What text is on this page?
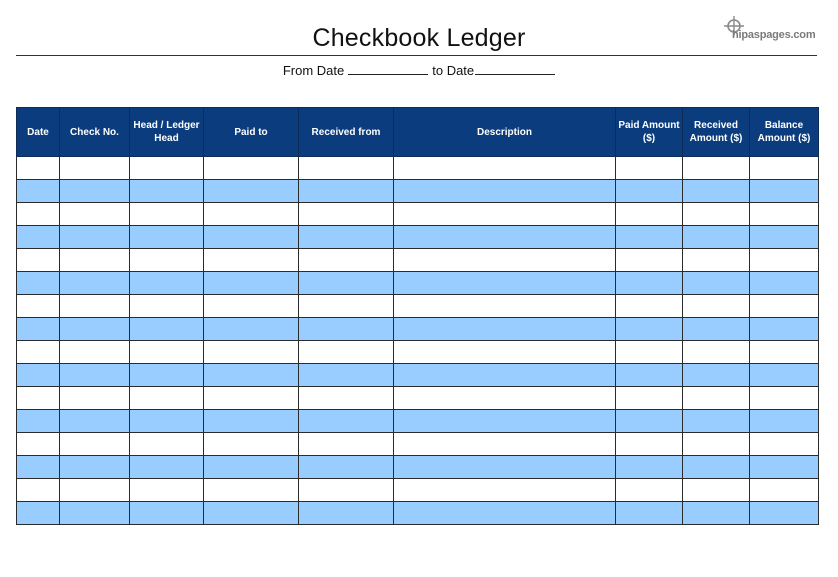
Checkbook Ledger	hipaspages.com
From Date	to Date
Date	Check No.	Head / Ledger Head	Paid to	Received from	Description	Paid Amount ($)	Received Amount ($)	Balance Amount ($)
